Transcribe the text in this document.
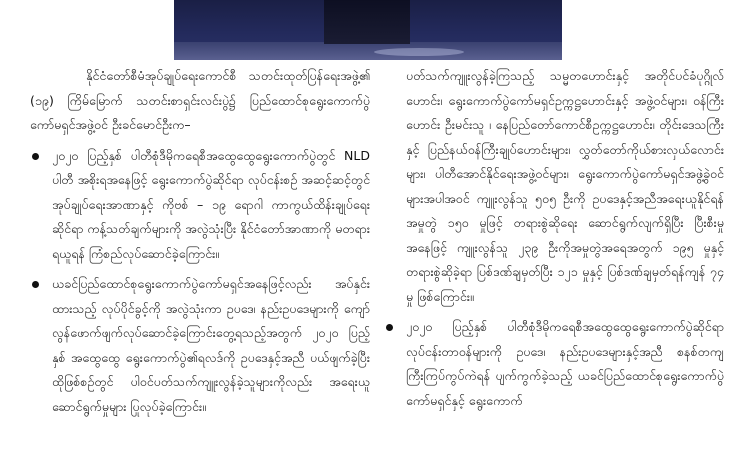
နိုင်ငံတော်စီမံအုပ်ချုပ်ရေးကောင်စီ သတင်းထုတ်ပြန်ရေးအဖွဲ့၏ (၁၉) ကြိမ်မြောက် သတင်းစာရှင်းလင်းပွဲ၌ ပြည်ထောင်စုရွေးကောက်ပွဲကော်မရှင်အဖွဲ့ဝင် ဦးခင်မောင်ဦးက–

၂၀၂၀ ပြည့်နှစ် ပါတီစုံဒီမိုကရေစီအထွေထွေရွေးကောက်ပွဲတွင် NLD ပါတီ အစိုးရအနေဖြင့် ရွေးကောက်ပွဲဆိုင်ရာ လုပ်ငန်းစဉ် အဆင့်ဆင့်တွင် အုပ်ချုပ်ရေးအာဏာနှင့် ကိုဗစ် – ၁၉ ရောဂါ ကာကွယ်ထိန်းချုပ်ရေးဆိုင်ရာ ကန့်သတ်ချက်များကို အလွဲသုံးပြီး နိုင်ငံတော်အာဏာကို မတရားရယူရန် ကြံစည်လုပ်ဆောင်ခဲ့ကြောင်း။

ယခင်ပြည်ထောင်စုရွေးကောက်ပွဲကော်မရှင်အနေဖြင့်လည်း အပ်နှင်းထားသည့် လုပ်ပိုင်ခွင့်ကို အလွဲသုံးကာ ဥပဒေ၊ နည်းဥပဒေများကို ကျော်လွန်ဖောက်ဖျက်လုပ်ဆောင်ခဲ့ကြောင်းတွေ့ရသည့်အတွက် ၂၀၂၀ ပြည့်နှစ် အထွေထွေ ရွေးကောက်ပွဲ၏ရလဒ်ကို ဥပဒေနှင့်အညီ ပယ်ဖျက်ခဲ့ပြီး ထိုဖြစ်စဉ်တွင် ပါဝင်ပတ်သက်ကျူးလွန်ခဲ့သူများကိုလည်း အရေးယူဆောင်ရွက်မှုများ ပြုလုပ်ခဲ့ကြောင်း။

ပတ်သက်ကျူးလွန်ခဲ့ကြသည့် သမ္မတဟောင်းနှင့် အတိုင်ပင်ခံပုဂ္ဂိုလ်ဟောင်း၊ ရွေးကောက်ပွဲကော်မရှင်ဥက္ကဋ္ဌဟောင်းနှင့် အဖွဲ့ဝင်များ၊ ဝန်ကြီးဟောင်း ဦးမင်းသူ ၊ နေပြည်တော်ကောင်စီဥက္ကဋ္ဌဟောင်း၊ တိုင်းဒေသကြီးနှင့် ပြည်နယ်ဝန်ကြီးချုပ်ဟောင်းများ၊ လွှတ်တော်ကိုယ်စားလှယ်လောင်းများ၊ ပါတီအောင်နိုင်ရေးအဖွဲ့ဝင်များ၊ ရွေးကောက်ပွဲကော်မရှင်အဖွဲ့ခွဲဝင်များအပါအဝင် ကျူးလွန်သူ ၅၀၅ ဦးကို ဥပဒေနှင့်အညီအရေးယူနိုင်ရန် အမှုတွဲ ၁၅၀ မှုဖြင့် တရားစွဲဆိုရေး ဆောင်ရွက်လျက်ရှိပြီး ပြီးစီးမှုအနေဖြင့် ကျူးလွန်သူ ၂၃၉ ဦးကိုအမှုတွဲအရေအတွက် ၁၉၅ မှုနှင့် တရားစွဲဆိုခဲ့ရာ ပြစ်ဒဏ်ချမှတ်ပြီး ၁၂၁ မှုနှင့် ပြစ်ဒဏ်ချမှတ်ရန်ကျန် ၇၄ မှု ဖြစ်ကြောင်း။

၂၀၂၀ ပြည့်နှစ် ပါတီစုံဒီမိုကရေစီအထွေထွေရွေးကောက်ပွဲဆိုင်ရာလုပ်ငန်းတာဝန်များကို ဥပဒေ၊ နည်းဥပဒေများနှင့်အညီ စနစ်တကျ ကြီးကြပ်ကွပ်ကဲရန် ပျက်ကွက်ခဲ့သည့် ယခင်ပြည်ထောင်စုရွေးကောက်ပွဲကော်မရှင်နှင့် ရွေးကောက်
